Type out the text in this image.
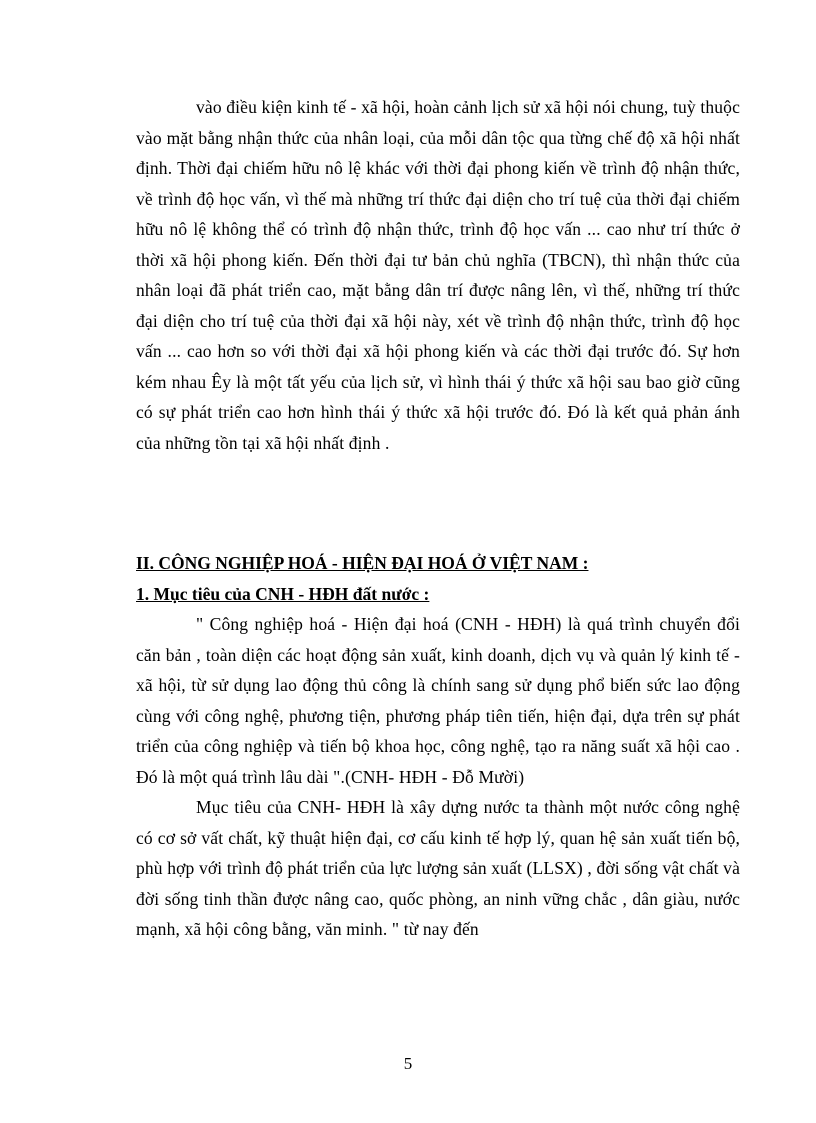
vào điều kiện kinh tế - xã hội, hoàn cảnh lịch sử xã hội nói chung, tuỳ thuộc vào mặt bằng nhận thức của nhân loại, của mỗi dân tộc qua từng chế độ xã hội nhất định. Thời đại chiếm hữu nô lệ khác với thời đại phong kiến về trình độ nhận thức, về trình độ học vấn, vì thế mà những trí thức đại diện cho trí tuệ của thời đại chiếm hữu nô lệ không thể có trình độ nhận thức, trình độ học vấn ... cao như trí thức ở thời xã hội phong kiến. Đến thời đại tư bản chủ nghĩa (TBCN), thì nhận thức của nhân loại đã phát triển cao, mặt bằng dân trí được nâng lên, vì thế, những trí thức đại diện cho trí tuệ của thời đại xã hội này, xét về trình độ nhận thức, trình độ học vấn ... cao hơn so với thời đại xã hội phong kiến và các thời đại trước đó. Sự hơn kém nhau Êy là một tất yếu của lịch sử, vì hình thái ý thức xã hội sau bao giờ cũng có sự phát triển cao hơn hình thái ý thức xã hội trước đó. Đó là kết quả phản ánh của những tồn tại xã hội nhất định .

II. CÔNG NGHIỆP HOÁ - HIỆN ĐẠI HOÁ Ở VIỆT NAM :

1. Mục tiêu của CNH - HĐH đất nước :

" Công nghiệp hoá - Hiện đại hoá (CNH - HĐH) là quá trình chuyển đổi căn bản , toàn diện các hoạt động sản xuất, kinh doanh, dịch vụ và quản lý kinh tế - xã hội, từ sử dụng lao động thủ công là chính sang sử dụng phổ biến sức lao động cùng với công nghệ, phương tiện, phương pháp tiên tiến, hiện đại, dựa trên sự phát triển của công nghiệp và tiến bộ khoa học, công nghệ, tạo ra năng suất xã hội cao . Đó là một quá trình lâu dài ".(CNH- HĐH - Đỗ Mười)

Mục tiêu của CNH- HĐH là xây dựng nước ta thành một nước công nghệ có cơ sở vất chất, kỹ thuật hiện đại, cơ cấu kinh tế hợp lý, quan hệ sản xuất tiến bộ, phù hợp với trình độ phát triển của lực lượng sản xuất (LLSX) , đời sống vật chất và đời sống tinh thần được nâng cao, quốc phòng, an ninh vững chắc , dân giàu, nước mạnh, xã hội công bằng, văn minh. " từ nay đến

5
